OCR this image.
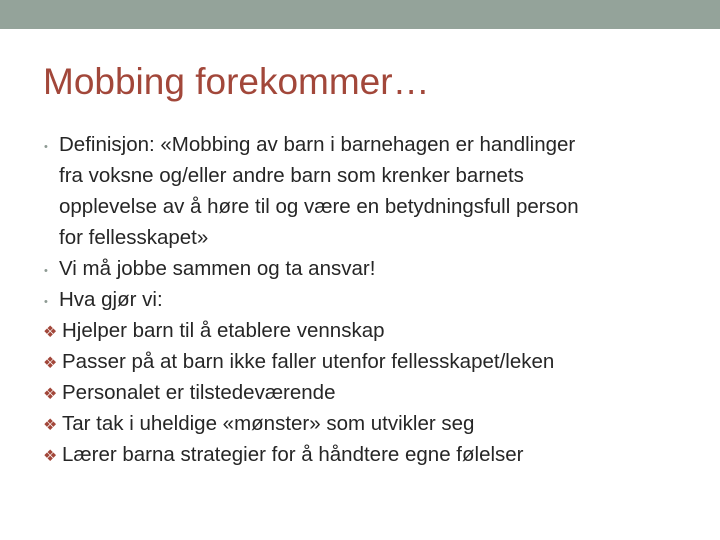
Mobbing forekommer…
• Definisjon: «Mobbing av barn i barnehagen er handlinger
fra voksne og/eller andre barn som krenker barnets
opplevelse av å høre til og være en betydningsfull person
for fellesskapet»
• Vi må jobbe sammen og ta ansvar!
• Hva gjør vi:
❖ Hjelper barn til å etablere vennskap
❖ Passer på at barn ikke faller utenfor fellesskapet/leken
❖ Personalet er tilstedeværende
❖ Tar tak i uheldige «mønster» som utvikler seg
❖ Lærer barna strategier for å håndtere egne følelser
